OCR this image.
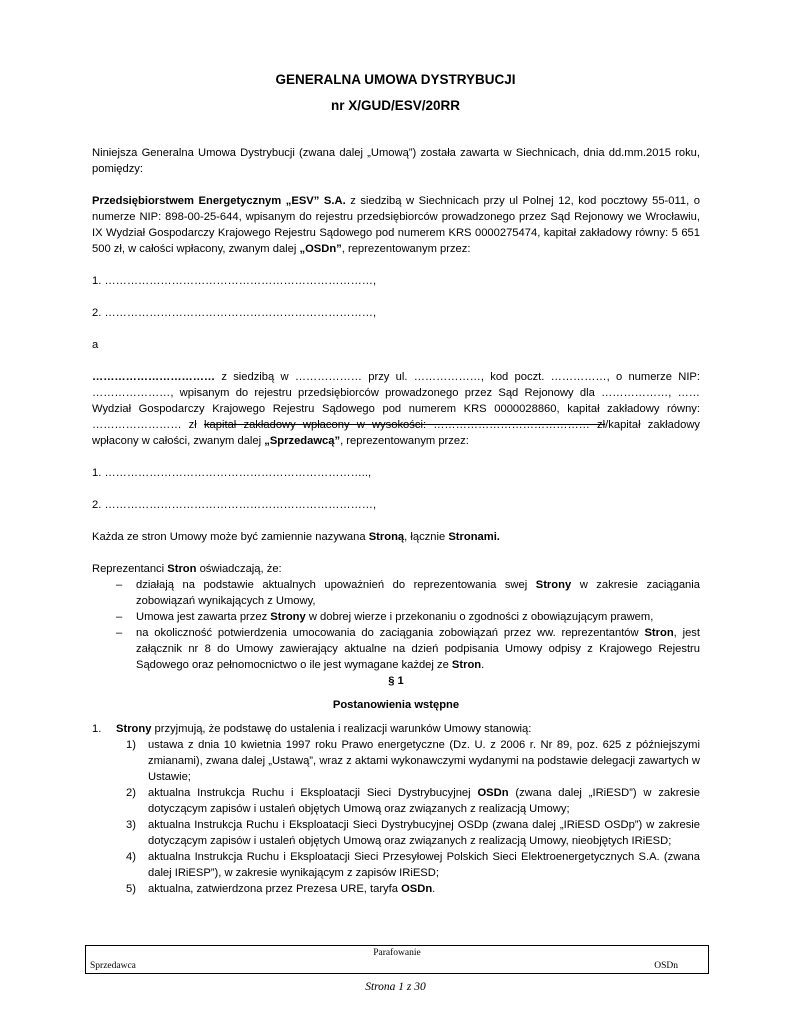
GENERALNA UMOWA DYSTRYBUCJI
nr X/GUD/ESV/20RR

Niniejsza Generalna Umowa Dystrybucji (zwana dalej „Umową”) została zawarta w Siechnicach, dnia dd.mm.2015 roku, pomiędzy:

Przedsiębiorstwem Energetycznym „ESV” S.A. z siedzibą w Siechnicach przy ul Polnej 12, kod pocztowy 55-011, o numerze NIP: 898-00-25-644, wpisanym do rejestru przedsiębiorców prowadzonego przez Sąd Rejonowy we Wrocławiu, IX Wydział Gospodarczy Krajowego Rejestru Sądowego pod numerem KRS 0000275474, kapitał zakładowy równy: 5 651 500 zł, w całości wpłacony, zwanym dalej „OSDn”, reprezentowanym przez:

1. ………………………………………………………………,

2. ………………………………………………………………,

a

…………………………… z siedzibą w ……………… przy ul. ………………, kod poczt. ……………, o numerze NIP: …………………, wpisanym do rejestru przedsiębiorców prowadzonego przez Sąd Rejonowy dla ………………, …… Wydział Gospodarczy Krajowego Rejestru Sądowego pod numerem KRS 0000028860, kapitał zakładowy równy: …………………… zł kapitał zakładowy wpłacony w wysokości: …………………………………… zł/kapitał zakładowy wpłacony w całości, zwanym dalej „Sprzedawcą”, reprezentowanym przez:

1. ……………………………………………………………..,

2. ………………………………………………………………,

Każda ze stron Umowy może być zamiennie nazywana Stroną, łącznie Stronami.

Reprezentanci Stron oświadczają, że:

– działają na podstawie aktualnych upoważnień do reprezentowania swej Strony w zakresie zaciągania zobowiązań wynikających z Umowy,
– Umowa jest zawarta przez Strony w dobrej wierze i przekonaniu o zgodności z obowiązującym prawem,
– na okoliczność potwierdzenia umocowania do zaciągania zobowiązań przez ww. reprezentantów Stron, jest załącznik nr 8 do Umowy zawierający aktualne na dzień podpisania Umowy odpisy z Krajowego Rejestru Sądowego oraz pełnomocnictwo o ile jest wymagane każdej ze Stron.

§ 1

Postanowienia wstępne

1. Strony przyjmują, że podstawę do ustalenia i realizacji warunków Umowy stanowią:
1) ustawa z dnia 10 kwietnia 1997 roku Prawo energetyczne (Dz. U. z 2006 r. Nr 89, poz. 625 z późniejszymi zmianami), zwana dalej „Ustawą”, wraz z aktami wykonawczymi wydanymi na podstawie delegacji zawartych w Ustawie;
2) aktualna Instrukcja Ruchu i Eksploatacji Sieci Dystrybucyjnej OSDn (zwana dalej „IRiESD”) w zakresie dotyczącym zapisów i ustaleń objętych Umową oraz związanych z realizacją Umowy;
3) aktualna Instrukcja Ruchu i Eksploatacji Sieci Dystrybucyjnej OSDp (zwana dalej „IRiESD OSDp”) w zakresie dotyczącym zapisów i ustaleń objętych Umową oraz związanych z realizacją Umowy, nieobjętych IRiESD;
4) aktualna Instrukcja Ruchu i Eksploatacji Sieci Przesyłowej Polskich Sieci Elektroenergetycznych S.A. (zwana dalej IRiESP”), w zakresie wynikającym z zapisów IRiESD;
5) aktualna, zatwierdzona przez Prezesa URE, taryfa OSDn.
Parafowanie
Sprzedawca	OSDn
Strona 1 z 30
